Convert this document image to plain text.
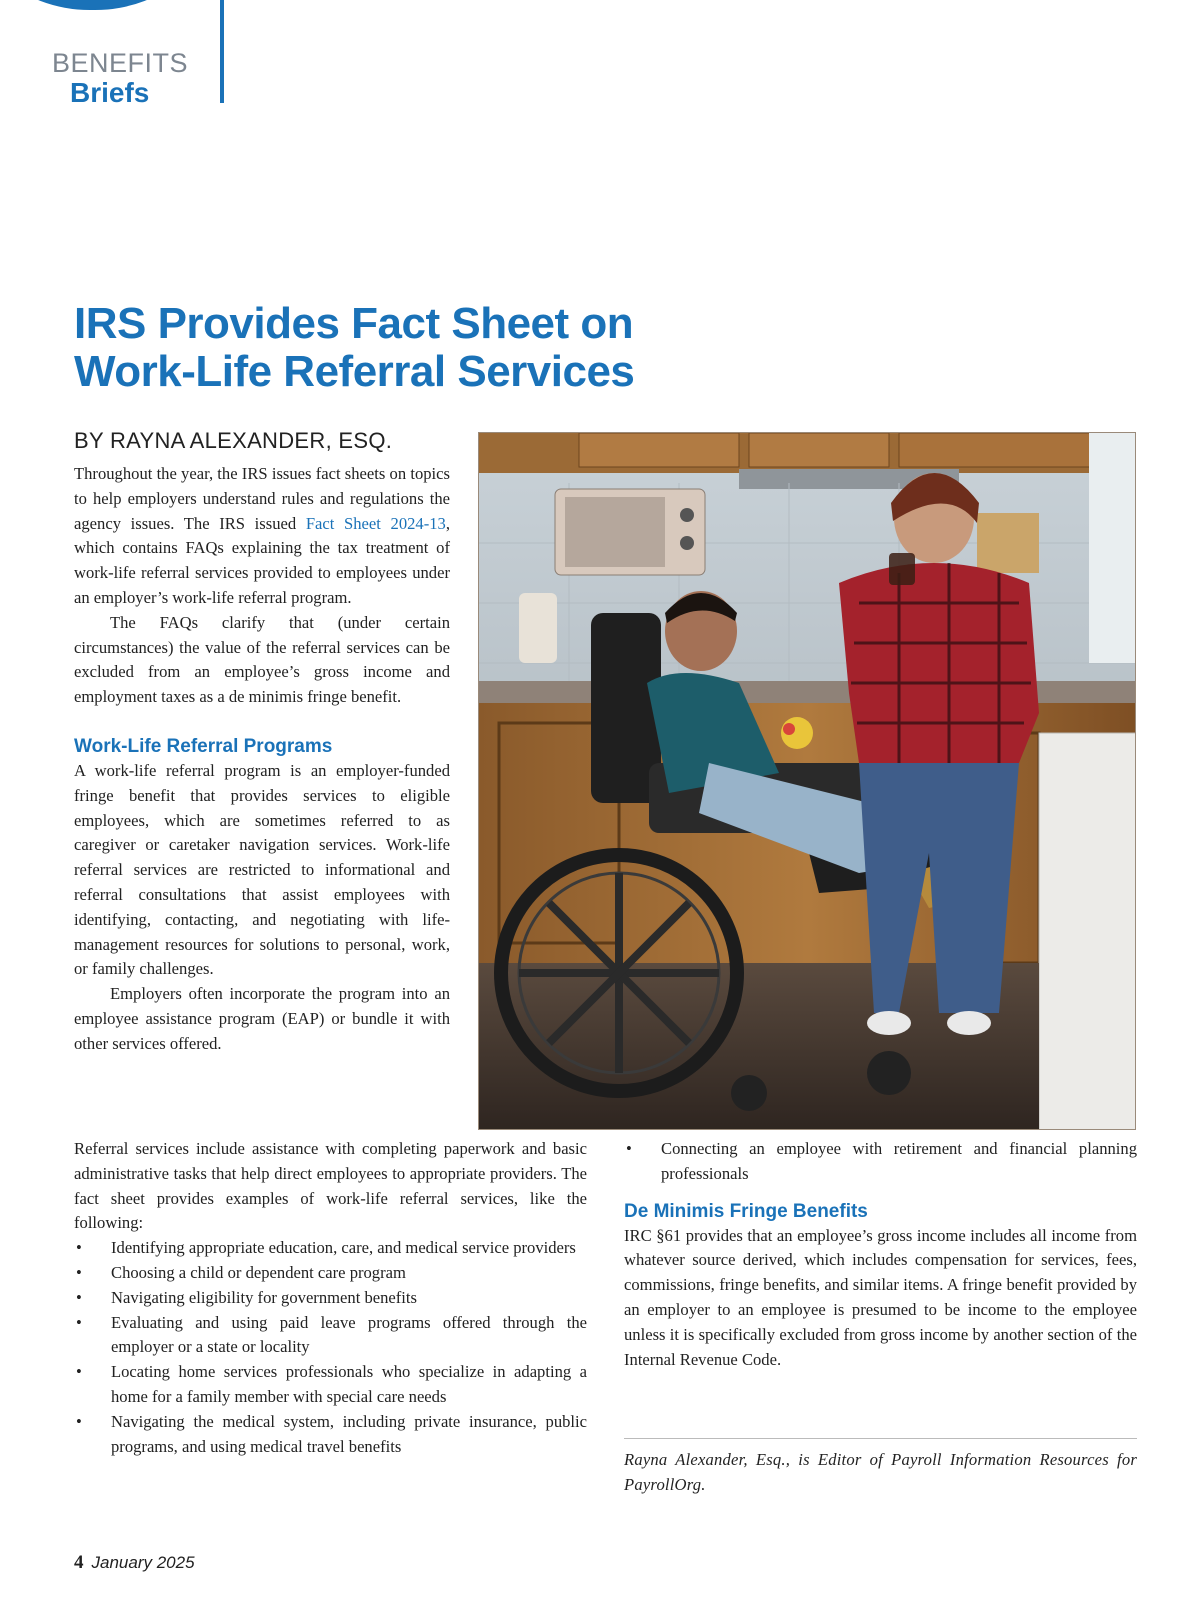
BENEFITS
Briefs
IRS Provides Fact Sheet on Work-Life Referral Services
BY RAYNA ALEXANDER, ESQ.

Throughout the year, the IRS issues fact sheets on topics to help employers understand rules and regulations the agency issues. The IRS issued Fact Sheet 2024-13, which contains FAQs explaining the tax treatment of work-life referral services provided to employees under an employer’s work-life referral program.

The FAQs clarify that (under certain circumstances) the value of the referral services can be excluded from an employee’s gross income and employment taxes as a de minimis fringe benefit.

Work-Life Referral Programs

A work-life referral program is an employer-funded fringe benefit that provides services to eligible employees, which are sometimes referred to as caregiver or caretaker navigation services. Work-life referral services are restricted to informational and referral consultations that assist employees with identifying, contacting, and negotiating with life-management resources for solutions to personal, work, or family challenges.

Employers often incorporate the program into an employee assistance program (EAP) or bundle it with other services offered.

Referral services include assistance with completing paperwork and basic administrative tasks that help direct employees to appropriate providers. The fact sheet provides examples of work-life referral services, like the following:

• Identifying appropriate education, care, and medical service providers
• Choosing a child or dependent care program
• Navigating eligibility for government benefits
• Evaluating and using paid leave programs offered through the employer or a state or locality
• Locating home services professionals who specialize in adapting a home for a family member with special care needs
• Navigating the medical system, including private insurance, public programs, and using medical travel benefits
• Connecting an employee with retirement and financial planning professionals
De Minimis Fringe Benefits

IRC §61 provides that an employee’s gross income includes all income from whatever source derived, which includes compensation for services, fees, commissions, fringe benefits, and similar items. A fringe benefit provided by an employer to an employee is presumed to be income to the employee unless it is specifically excluded from gross income by another section of the Internal Revenue Code.

Rayna Alexander, Esq., is Editor of Payroll Information Resources for PayrollOrg.
4 January 2025
